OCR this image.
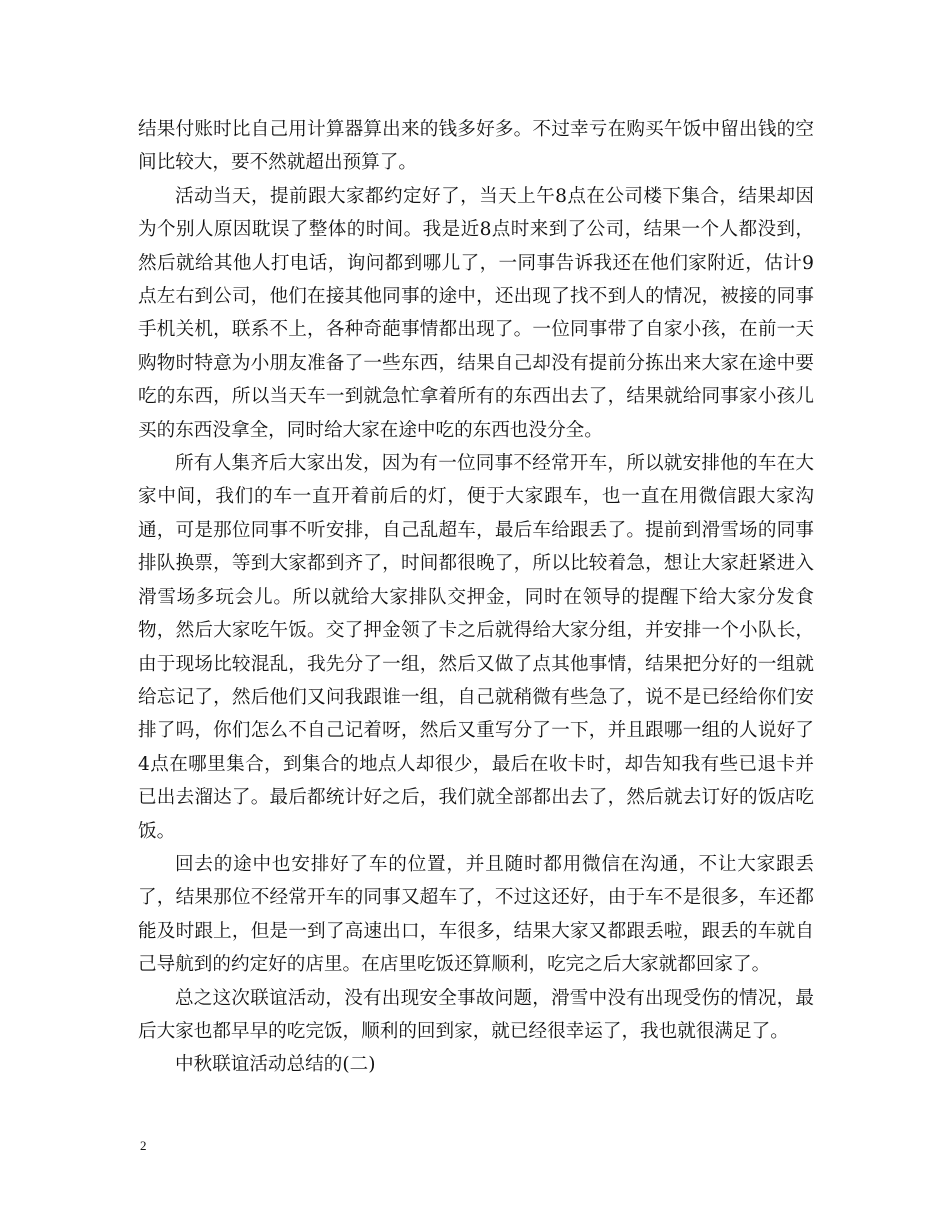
结果付账时比自己用计算器算出来的钱多好多。不过幸亏在购买午饭中留出钱的空间比较大，要不然就超出预算了。

活动当天，提前跟大家都约定好了，当天上午8点在公司楼下集合，结果却因为个别人原因耽误了整体的时间。我是近8点时来到了公司，结果一个人都没到，然后就给其他人打电话，询问都到哪儿了，一同事告诉我还在他们家附近，估计9点左右到公司，他们在接其他同事的途中，还出现了找不到人的情况，被接的同事手机关机，联系不上，各种奇葩事情都出现了。一位同事带了自家小孩，在前一天购物时特意为小朋友准备了一些东西，结果自己却没有提前分拣出来大家在途中要吃的东西，所以当天车一到就急忙拿着所有的东西出去了，结果就给同事家小孩儿买的东西没拿全，同时给大家在途中吃的东西也没分全。

所有人集齐后大家出发，因为有一位同事不经常开车，所以就安排他的车在大家中间，我们的车一直开着前后的灯，便于大家跟车，也一直在用微信跟大家沟通，可是那位同事不听安排，自己乱超车，最后车给跟丢了。提前到滑雪场的同事排队换票，等到大家都到齐了，时间都很晚了，所以比较着急，想让大家赶紧进入滑雪场多玩会儿。所以就给大家排队交押金，同时在领导的提醒下给大家分发食物，然后大家吃午饭。交了押金领了卡之后就得给大家分组，并安排一个小队长，由于现场比较混乱，我先分了一组，然后又做了点其他事情，结果把分好的一组就给忘记了，然后他们又问我跟谁一组，自己就稍微有些急了，说不是已经给你们安排了吗，你们怎么不自己记着呀，然后又重写分了一下，并且跟哪一组的人说好了4点在哪里集合，到集合的地点人却很少，最后在收卡时，却告知我有些已退卡并已出去溜达了。最后都统计好之后，我们就全部都出去了，然后就去订好的饭店吃饭。

回去的途中也安排好了车的位置，并且随时都用微信在沟通，不让大家跟丢了，结果那位不经常开车的同事又超车了，不过这还好，由于车不是很多，车还都能及时跟上，但是一到了高速出口，车很多，结果大家又都跟丢啦，跟丢的车就自己导航到的约定好的店里。在店里吃饭还算顺利，吃完之后大家就都回家了。

总之这次联谊活动，没有出现安全事故问题，滑雪中没有出现受伤的情况，最后大家也都早早的吃完饭，顺利的回到家，就已经很幸运了，我也就很满足了。

中秋联谊活动总结的(二)

2
